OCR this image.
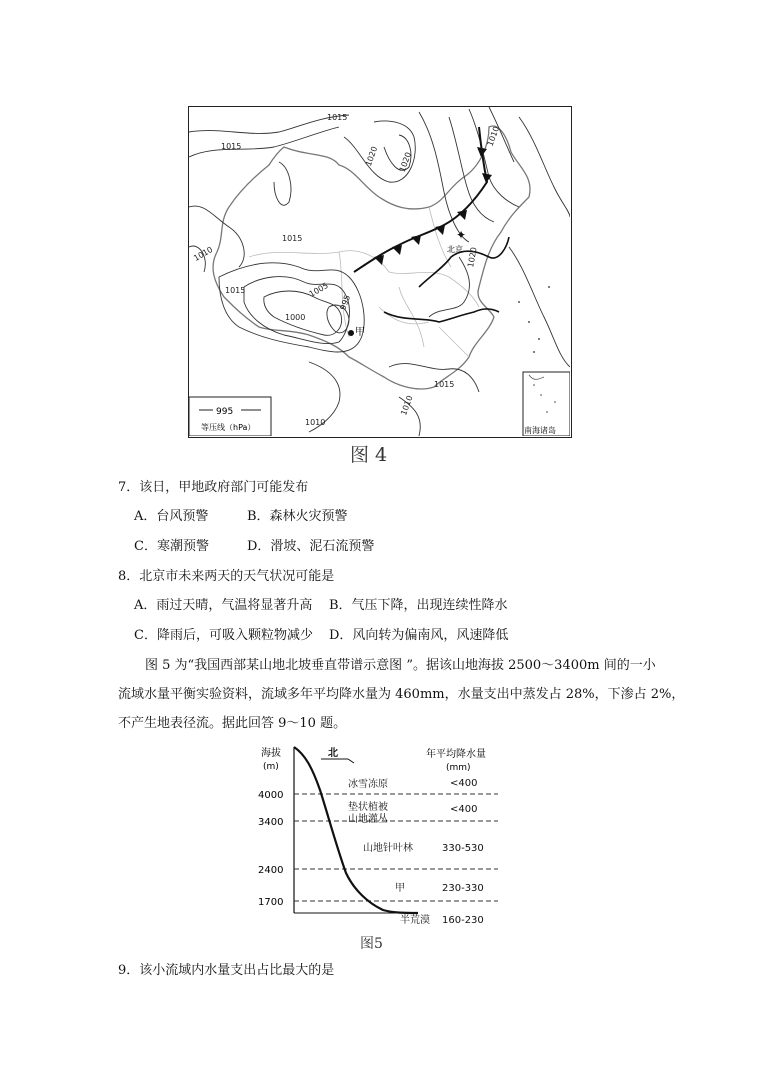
1015
1015	1020 1020
1010
1015
1010
1015	1005
1000
995
1020
1015
1010
1010
✦
北京
甲
995
等压线（hPa）	南海诸岛
图 4
7．该日，甲地政府部门可能发布
A．台风预警	B．森林火灾预警
C．寒潮预警	D．滑坡、泥石流预警
8．北京市未来两天的天气状况可能是
A．雨过天晴，气温将显著升高 B．气压下降，出现连续性降水
C．降雨后，可吸入颗粒物减少 D．风向转为偏南风，风速降低
图 5 为“我国西部某山地北坡垂直带谱示意图 ”。据该山地海拔 2500～3400m 间的一小
流域水量平衡实验资料，流域多年平均降水量为 460mm，水量支出中蒸发占 28%，下渗占 2%，
不产生地表径流。据此回答 9～10 题。
海拔
(m)
年平均降水量
(mm)
北
4000
3400
2400
1700
冰雪冻原
垫状植被
山地灌丛
山地针叶林
甲
半荒漠
<400
<400
330-530
230-330
160-230
图5
9．该小流域内水量支出占比最大的是
